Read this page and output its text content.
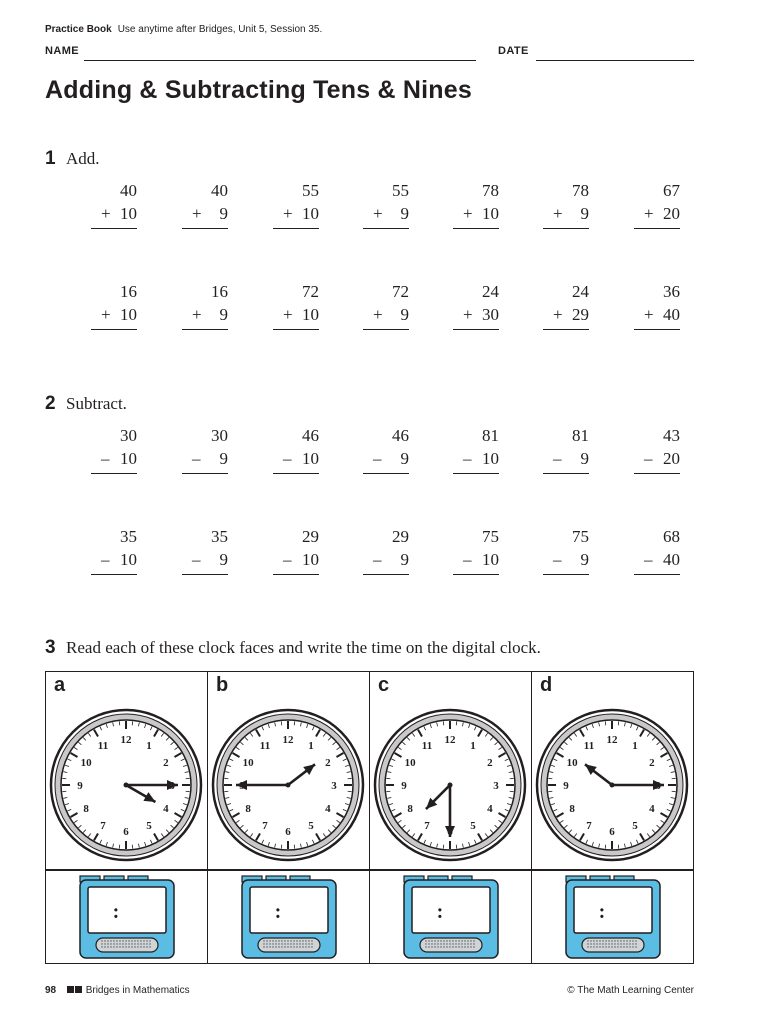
Practice Book Use anytime after Bridges, Unit 5, Session 35.
NAME	DATE
Adding & Subtracting Tens & Nines
1 Add.
40
+ 10
40
+ 9
55
+ 10
55
+ 9
78
+ 10
78
+ 9
67
+ 20
16
+ 10
16
+ 9
72
+ 10
72
+ 9
24
+ 30
24
+ 29
36
+ 40
2 Subtract.
30
– 10
30
– 9
46
– 10
46
– 9
81
– 10
81
– 9
43
– 20
35
– 10
35
– 9
29
– 10
29
– 9
75
– 10
75
– 9
68
– 40
3 Read each of these clock faces and write the time on the digital clock.
a
12
1
2
4
5
6
7
8
9
10
11
:
b
12
1
2
3
4
5
6
7
8
10
11
:
c
12
1
2
3
4
5
7
8
9
10
11
:
d
12
1
2
4
5
6
7
8
9
10
11
:
98	Bridges in Mathematics	© The Math Learning Center
